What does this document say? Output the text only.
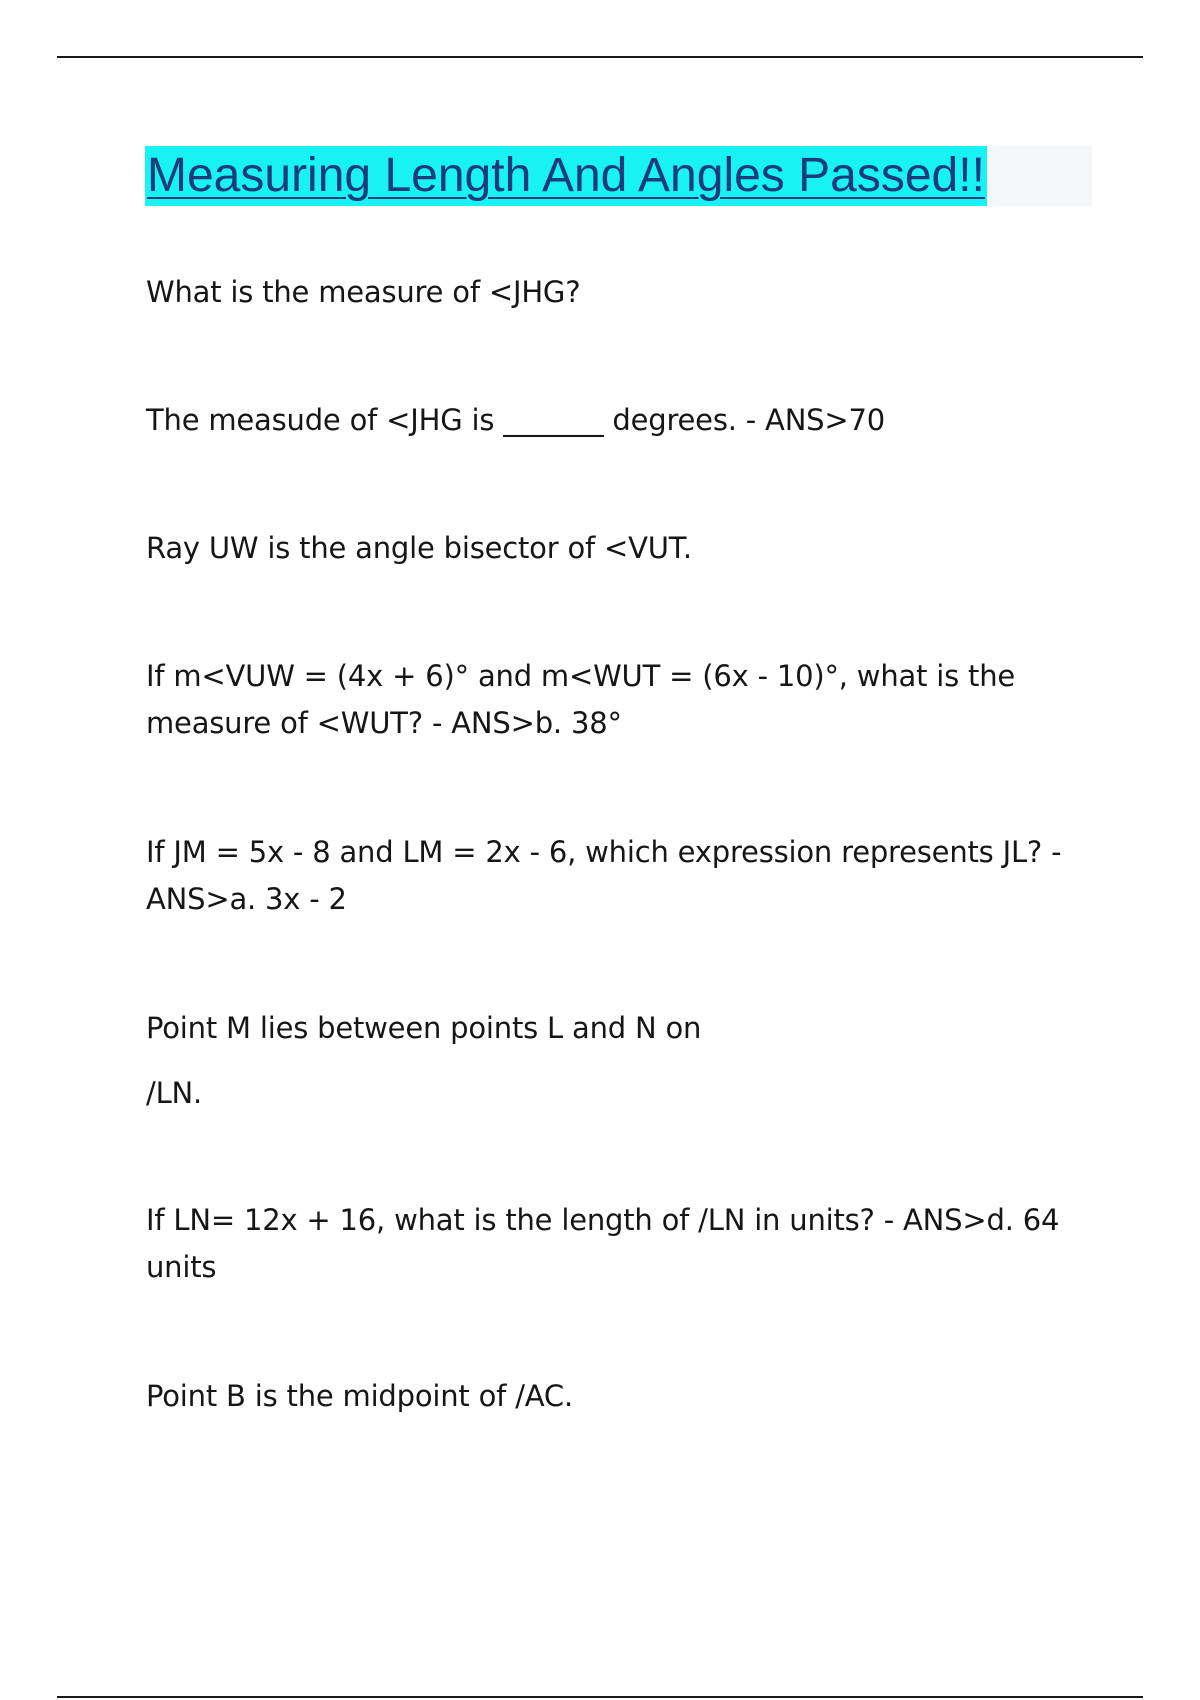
Measuring Length And Angles Passed!!

What is the measure of <JHG?

The measude of <JHG is _______ degrees. - ANS>70

Ray UW is the angle bisector of <VUT.

If m<VUW = (4x + 6)° and m<WUT = (6x - 10)°, what is the measure of <WUT? - ANS>b. 38°

If JM = 5x - 8 and LM = 2x - 6, which expression represents JL? - ANS>a. 3x - 2

Point M lies between points L and N on

/LN.

If LN= 12x + 16, what is the length of /LN in units? - ANS>d. 64 units

Point B is the midpoint of /AC.
